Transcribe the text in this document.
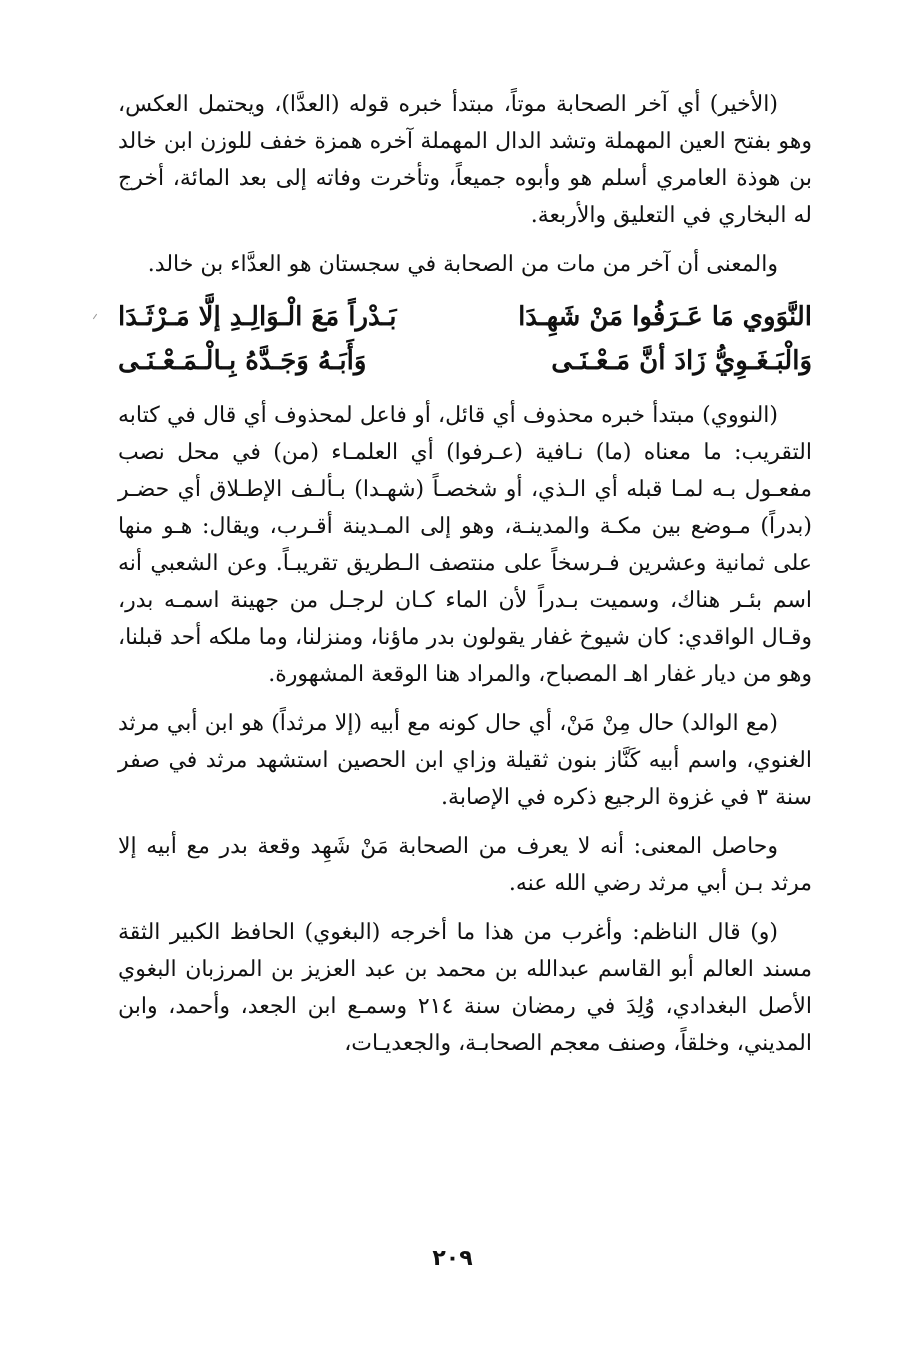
(الأخير) أي آخر الصحابة موتاً، مبتدأ خبره قوله (العدَّا)، ويحتمل العكس، وهو بفتح العين المهملة وتشد الدال المهملة آخره همزة خفف للوزن ابن خالد بن هوذة العامري أسلم هو وأبوه جميعاً، وتأخرت وفاته إلى بعد المائة، أخرج له البخاري في التعليق والأربعة.

والمعنى أن آخر من مات من الصحابة في سجستان هو العدَّاء بن خالد.

النَّوَوي مَا عَـرَفُوا مَنْ شَهِـدَا
بَـدْراً مَعَ الْـوَالِـدِ إلَّا مَـرْثَـدَا
وَالْبَـغَـوِيُّ زَادَ أنَّ مَـعْـنَـى
وَأَبَـهُ وَجَـدَّهُ بِـالْـمَـعْـنَـى

(النووي) مبتدأ خبره محذوف أي قائل، أو فاعل لمحذوف أي قال في كتابه التقريب: ما معناه (ما) نـافية (عـرفوا) أي العلمـاء (من) في محل نصب مفعـول بـه لمـا قبله أي الـذي، أو شخصـاً (شهـدا) بـألـف الإطـلاق أي حضـر (بدراً) مـوضع بين مكـة والمدينـة، وهو إلى المـدينة أقـرب، ويقال: هـو منها على ثمانية وعشرين فـرسخاً على منتصف الـطريق تقريبـاً. وعن الشعبي أنه اسم بئـر هناك، وسميت بـدراً لأن الماء كـان لرجـل من جهينة اسمـه بدر، وقـال الواقدي: كان شيوخ غفار يقولون بدر ماؤنا، ومنزلنا، وما ملكه أحد قبلنا، وهو من ديار غفار اهـ المصباح، والمراد هنا الوقعة المشهورة.

(مع الوالد) حال مِنْ مَنْ، أي حال كونه مع أبيه (إلا مرثداً) هو ابن أبي مرثد الغنوي، واسم أبيه كَنَّاز بنون ثقيلة وزاي ابن الحصين استشهد مرثد في صفر سنة ٣ في غزوة الرجيع ذكره في الإصابة.

وحاصل المعنى: أنه لا يعرف من الصحابة مَنْ شَهِد وقعة بدر مع أبيه إلا مرثد بـن أبي مرثد رضي الله عنه.

(و) قال الناظم: وأغرب من هذا ما أخرجه (البغوي) الحافظ الكبير الثقة مسند العالم أبو القاسم عبدالله بن محمد بن عبد العزيز بن المرزبان البغوي الأصل البغدادي، وُلِدَ في رمضان سنة ٢١٤ وسمـع ابن الجعد، وأحمد، وابن المديني، وخلقاً، وصنف معجم الصحابـة، والجعديـات،

٢٠٩
